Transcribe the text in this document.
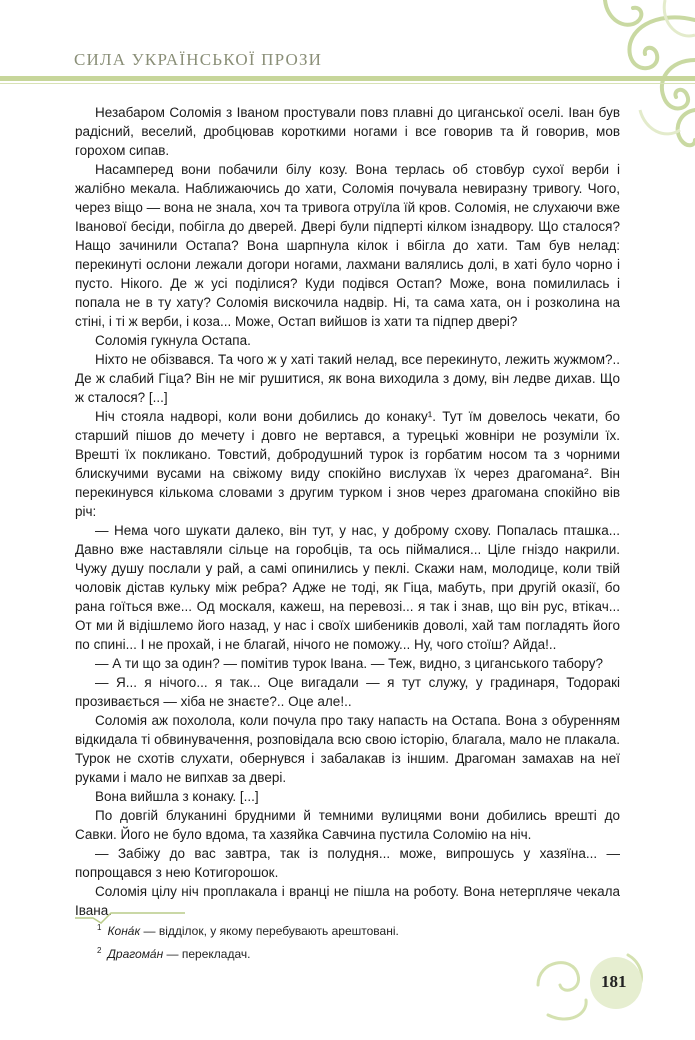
СИЛА УКРАЇНСЬКОЇ ПРОЗИ

Незабаром Соломія з Іваном простували повз плавні до циганської оселі. Іван був радісний, веселий, дробцював короткими ногами і все говорив та й говорив, мов горохом сипав.

Насамперед вони побачили білу козу. Вона терлась об стовбур сухої верби і жалібно мекала. Наближаючись до хати, Соломія почувала невиразну тривогу. Чого, через віщо — вона не знала, хоч та тривога отруїла їй кров. Соломія, не слухаючи вже Іванової бесіди, побігла до дверей. Двері були підперті кілком ізнадвору. Що сталося? Нащо зачинили Остапа? Вона шарпнула кілок і вбігла до хати. Там був нелад: перекинуті ослони лежали догори ногами, лахмани валялись долі, в хаті було чорно і пусто. Нікого. Де ж усі поділися? Куди подівся Остап? Може, вона помилилась і попала не в ту хату? Соломія вискочила надвір. Ні, та сама хата, он і розколина на стіні, і ті ж верби, і коза... Може, Остап вийшов із хати та підпер двері?

Соломія гукнула Остапа.

Ніхто не обізвався. Та чого ж у хаті такий нелад, все перекинуто, лежить жужмом?.. Де ж слабий Гіца? Він не міг рушитися, як вона виходила з дому, він ледве дихав. Що ж сталося? [...]

Ніч стояла надворі, коли вони добились до конаку¹. Тут їм довелось чекати, бо старший пішов до мечету і довго не вертався, а турецькі жовніри не розуміли їх. Врешті їх покликано. Товстий, добродушний турок із горбатим носом та з чорними блискучими вусами на свіжому виду спокійно вислухав їх через драгомана². Він перекинувся кількома словами з другим турком і знов через драгомана спокійно вів річ:

— Нема чого шукати далеко, він тут, у нас, у доброму схову. Попалась пташка... Давно вже наставляли сільце на горобців, та ось піймалися... Ціле гніздо накрили. Чужу душу послали у рай, а самі опинились у пеклі. Скажи нам, молодице, коли твій чоловік дістав кульку між ребра? Адже не тоді, як Гіца, мабуть, при другій оказії, бо рана гоїться вже... Од москаля, кажеш, на перевозі... я так і знав, що він рус, втікач... От ми й відішлемо його назад, у нас і своїх шибеників доволі, хай там погладять його по спині... І не прохай, і не благай, нічого не поможу... Ну, чого стоїш? Айда!..

— А ти що за один? — помітив турок Івана. — Теж, видно, з циганського табору?

— Я... я нічого... я так... Оце вигадали — я тут служу, у градинаря, Тодоракі прозивається — хіба не знаєте?.. Оце але!..

Соломія аж похолола, коли почула про таку напасть на Остапа. Вона з обуренням відкидала ті обвинувачення, розповідала всю свою історію, благала, мало не плакала. Турок не схотів слухати, обернувся і забалакав із іншим. Драгоман замахав на неї руками і мало не випхав за двері.

Вона вийшла з конаку. [...]

По довгій блуканині брудними й темними вулицями вони добились врешті до Савки. Його не було вдома, та хазяйка Савчина пустила Соломію на ніч.

— Забіжу до вас завтра, так із полудня... може, випрошусь у хазяїна... — попрощався з нею Котигорошок.

Соломія цілу ніч проплакала і вранці не пішла на роботу. Вона нетерпляче чекала Івана.

$^1$ Кона́к — відділок, у якому перебувають арештовані.
$^2$ Драгома́н — перекладач.
181
